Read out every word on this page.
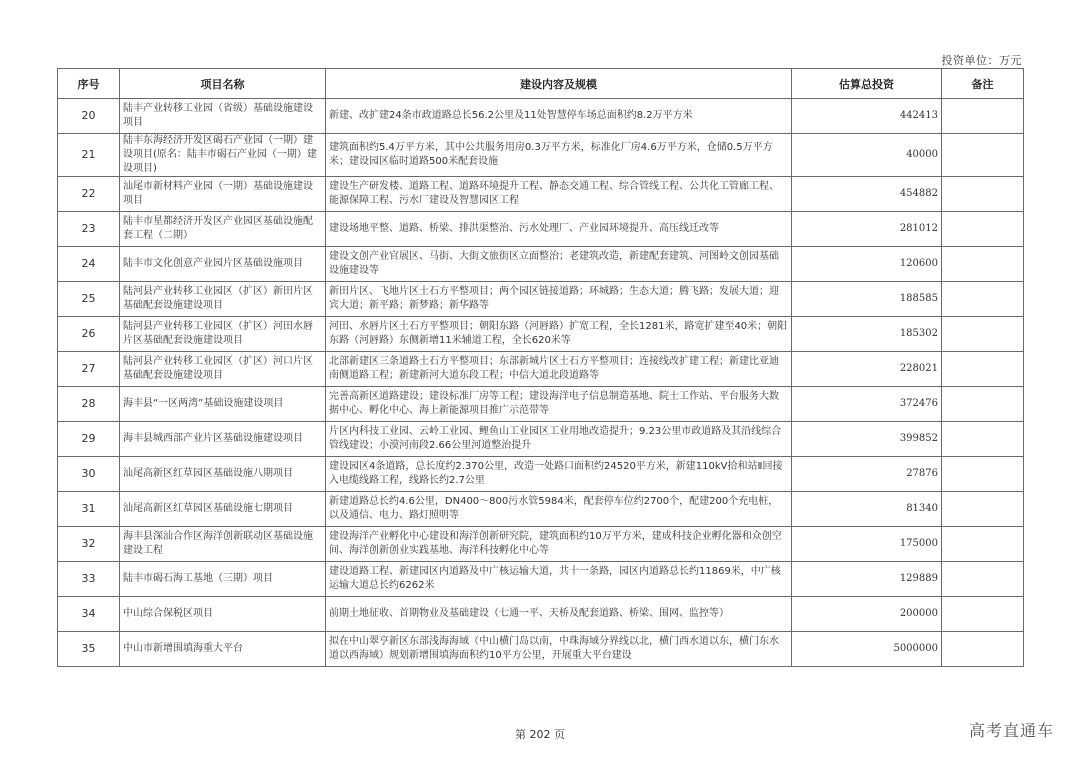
投资单位：万元
序号	项目名称	建设内容及规模	估算总投资	备注
20	陆丰产业转移工业园（省级）基础设施建设项目	新建、改扩建24条市政道路总长56.2公里及11处智慧停车场总面积约8.2万平方米	442413	
21	陆丰东海经济开发区碣石产业园（一期）建设项目(原名：陆丰市碣石产业园（一期）建设项目)	建筑面积约5.4万平方米，其中公共服务用房0.3万平方米，标准化厂房4.6万平方米，仓储0.5万平方米；建设园区临时道路500米配套设施	40000	
22	汕尾市新材料产业园（一期）基础设施建设项目	建设生产研发楼、道路工程、道路环境提升工程、静态交通工程、综合管线工程、公共化工管廊工程、能源保障工程、污水厂建设及智慧园区工程	454882	
23	陆丰市星都经济开发区产业园区基础设施配套工程（二期）	建设场地平整、道路、桥梁、排洪渠整治、污水处理厂、产业园环境提升、高压线迁改等	281012	
24	陆丰市文化创意产业园片区基础设施项目	建设文创产业官展区、马街、大街文旅街区立面整治；老建筑改造，新建配套建筑、河图岭文创园基础设施建设等	120600	
25	陆河县产业转移工业园区（扩区）新田片区基础配套设施建设项目	新田片区、飞地片区土石方平整项目；两个园区链接道路；环城路；生态大道；腾飞路；发展大道；迎宾大道；新平路；新梦路；新华路等	188585	
26	陆河县产业转移工业园区（扩区）河田水唇片区基础配套设施建设项目	河田、水唇片区土石方平整项目；朝阳东路（河唇路）扩宽工程，全长1281米，路宽扩建至40米；朝阳东路（河唇路）东侧新增11米辅道工程，全长620米等	185302	
27	陆河县产业转移工业园区（扩区）河口片区基础配套设施建设项目	北部新建区三条道路土石方平整项目；东部新城片区土石方平整项目；连接线改扩建工程；新建比亚迪南侧道路工程；新建新河大道东段工程；中信大道北段道路等	228021	
28	海丰县“一区两湾”基础设施建设项目	完善高新区道路建设；建设标准厂房等工程；建设海洋电子信息制造基地、院士工作站、平台服务大数据中心、孵化中心、海上新能源项目推广示范带等	372476	
29	海丰县城西部产业片区基础设施建设项目	片区内科技工业园、云岭工业园、鲤鱼山工业园区工业用地改造提升；9.23公里市政道路及其沿线综合管线建设；小漠河南段2.66公里河道整治提升	399852	
30	汕尾高新区红草园区基础设施八期项目	建设园区4条道路，总长度约2.370公里，改造一处路口面积约24520平方米，新建110kV拾和站Ⅱ回接入电缆线路工程，线路长约2.7公里	27876	
31	汕尾高新区红草园区基础设施七期项目	新建道路总长约4.6公里，DN400～800污水管5984米，配套停车位约2700个，配建200个充电桩，以及通信、电力、路灯照明等	81340	
32	海丰县深汕合作区海洋创新联动区基础设施建设工程	建设海洋产业孵化中心建设和海洋创新研究院，建筑面积约10万平方米，建成科技企业孵化器和众创空间、海洋创新创业实践基地、海洋科技孵化中心等	175000	
33	陆丰市碣石海工基地（三期）项目	建设道路工程、新建园区内道路及中广核运输大道，共十一条路，园区内道路总长约11869米，中广核运输大道总长约6262米	129889	
34	中山综合保税区项目	前期土地征收、首期物业及基础建设（七通一平、天桥及配套道路、桥梁、围网、监控等）	200000	
35	中山市新增围填海重大平台	拟在中山翠亨新区东部浅海海域（中山横门岛以南，中珠海域分界线以北，横门西水道以东，横门东水道以西海域）规划新增围填海面积约10平方公里，开展重大平台建设	5000000	
第 202 页	高考直通车
